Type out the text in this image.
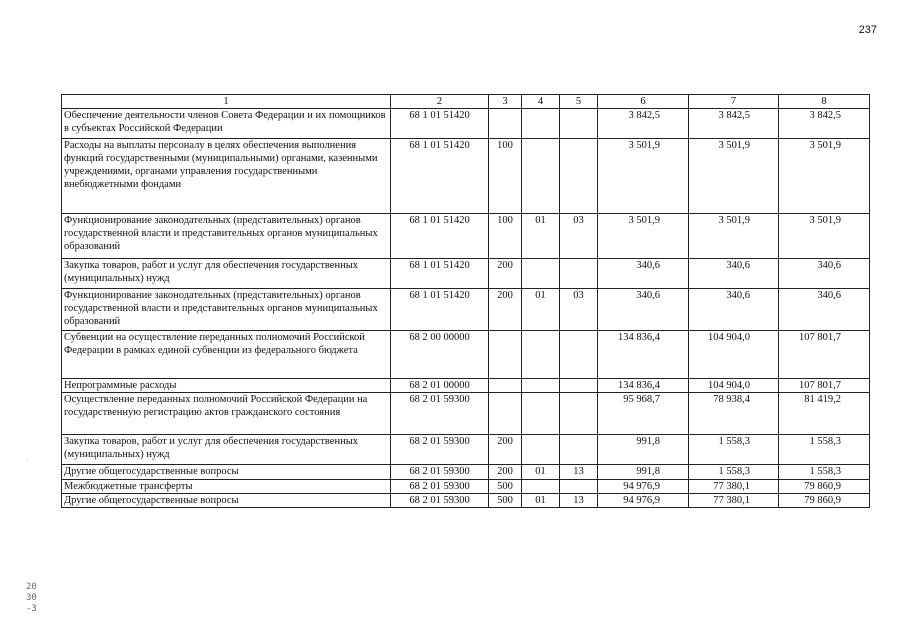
237
·
1	2	3	4	5	6	7	8
Обеспечение деятельности членов Совета Федерации и их помощников в субъектах Российской Федерации	68 1 01 51420				3 842,5	3 842,5	3 842,5
Расходы на выплаты персоналу в целях обеспечения выполнения функций государственными (муниципальными) органами, казенными учреждениями, органами управления государственными внебюджетными фондами	68 1 01 51420	100			3 501,9	3 501,9	3 501,9
Функционирование законодательных (представительных) органов государственной власти и представительных органов муниципальных образований	68 1 01 51420	100	01	03	3 501,9	3 501,9	3 501,9
Закупка товаров, работ и услуг для обеспечения государственных (муниципальных) нужд	68 1 01 51420	200			340,6	340,6	340,6
Функционирование законодательных (представительных) органов государственной власти и представительных органов муниципальных образований	68 1 01 51420	200	01	03	340,6	340,6	340,6
Субвенции на осуществление переданных полномочий Российской Федерации в рамках единой субвенции из федерального бюджета	68 2 00 00000				134 836,4	104 904,0	107 801,7
Непрограммные расходы	68 2 01 00000				134 836,4	104 904,0	107 801,7
Осуществление переданных полномочий Российской Федерации на государственную регистрацию актов гражданского состояния	68 2 01 59300				95 968,7	78 938,4	81 419,2
Закупка товаров, работ и услуг для обеспечения государственных (муниципальных) нужд	68 2 01 59300	200			991,8	1 558,3	1 558,3
Другие общегосударственные вопросы	68 2 01 59300	200	01	13	991,8	1 558,3	1 558,3
Межбюджетные трансферты	68 2 01 59300	500			94 976,9	77 380,1	79 860,9
Другие общегосударственные вопросы	68 2 01 59300	500	01	13	94 976,9	77 380,1	79 860,9
20
30
-3
